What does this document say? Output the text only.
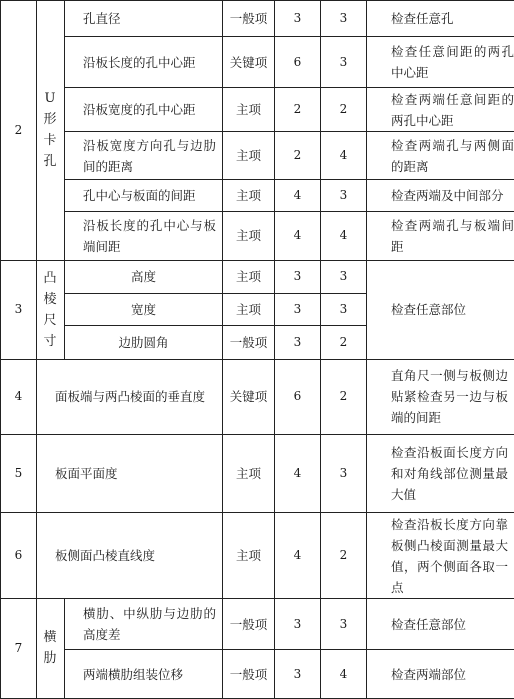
2	U形卡孔	孔直径	一般项	3	3	检查任意孔
		沿板长度的孔中心距	关键项	6	3	检查任意间距的两孔中心距
		沿板宽度的孔中心距	主项	2	2	检查两端任意间距的两孔中心距
		沿板宽度方向孔与边肋间的距离	主项	2	4	检查两端孔与两侧面的距离
		孔中心与板面的间距	主项	4	3	检查两端及中间部分
		沿板长度的孔中心与板端间距	主项	4	4	检查两端孔与板端间距
3	凸棱尺寸	高度	主项	3	3	检查任意部位
		宽度	主项	3	3	
		边肋圆角	一般项	3	2	
4	面板端与两凸棱面的垂直度		关键项	6	2	直角尺一侧与板侧边贴紧检查另一边与板端的间距
5	板面平面度		主项	4	3	检查沿板面长度方向和对角线部位测量最大值
6	板侧面凸棱直线度		主项	4	2	检查沿板长度方向靠板侧凸棱面测量最大值，两个侧面各取一点
7	横肋	横肋、中纵肋与边肋的高度差	一般项	3	3	检查任意部位
		两端横肋组装位移	一般项	3	4	检查两端部位
